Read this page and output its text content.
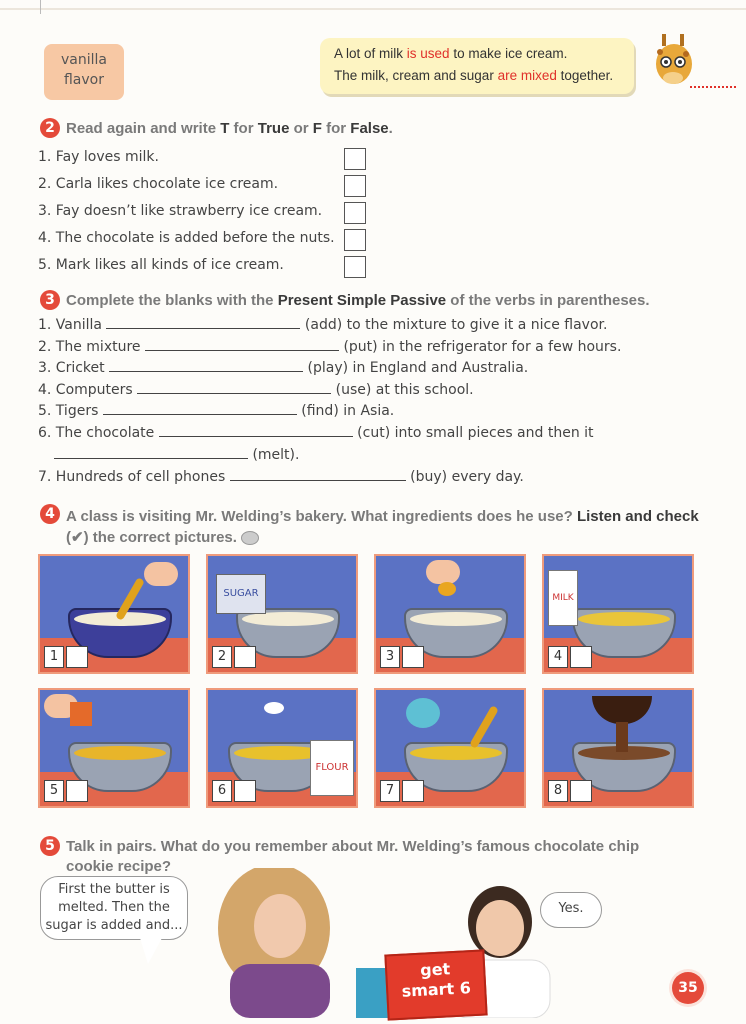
vanilla
flavor
A lot of milk is used to make ice cream.
The milk, cream and sugar are mixed together.
2 Read again and write T for True or F for False.
1. Fay loves milk.
2. Carla likes chocolate ice cream.
3. Fay doesn’t like strawberry ice cream.
4. The chocolate is added before the nuts.
5. Mark likes all kinds of ice cream.
3 Complete the blanks with the Present Simple Passive of the verbs in parentheses.
1. Vanilla	(add) to the mixture to give it a nice flavor.
2. The mixture	(put) in the refrigerator for a few hours.
3. Cricket	(play) in England and Australia.
4. Computers	(use) at this school.
5. Tigers	(find) in Asia.
6. The chocolate	(cut) into small pieces and then it
(melt).
7. Hundreds of cell phones	(buy) every day.
4 A class is visiting Mr. Welding’s bakery. What ingredients does he use? Listen and check
(✔) the correct pictures.
1
SUGAR
2	3
MILK
4
5
FLOUR
6	7	8
5 Talk in pairs. What do you remember about Mr. Welding’s famous chocolate chip
cookie recipe?
get
smart 6
First the butter is
melted. Then the
sugar is added and...
Yes.
35
